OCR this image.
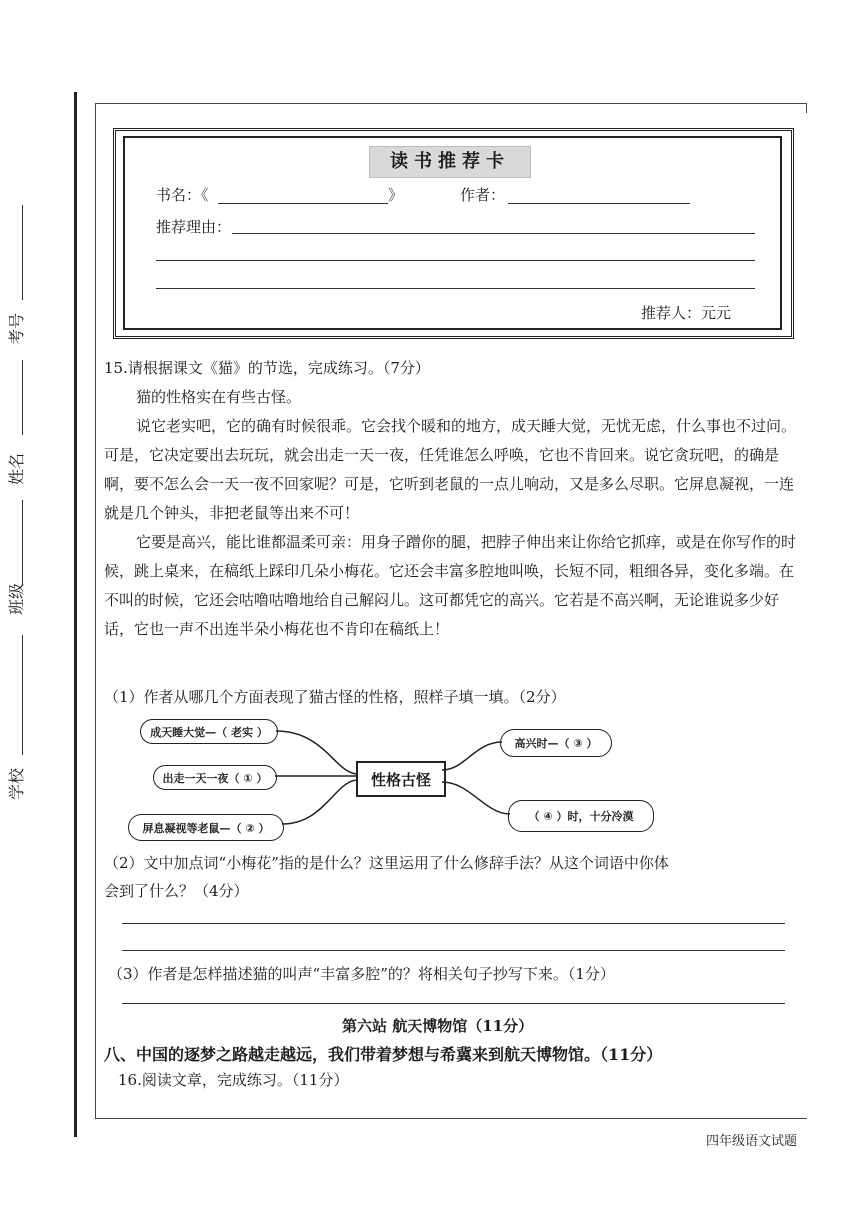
考号
姓名
班级
学校
读书推荐卡
书名：《	》	作者：
推荐理由：
推荐人：元元
15.请根据课文《猫》的节选，完成练习。（7分）

猫的性格实在有些古怪。

说它老实吧，它的确有时候很乖。它会找个暖和的地方，成天睡大觉，无忧无虑，什么事也不过问。可是，它决定要出去玩玩，就会出走一天一夜，任凭谁怎么呼唤，它也不肯回来。说它贪玩吧，的确是啊，要不怎么会一天一夜不回家呢？可是，它听到老鼠的一点儿响动，又是多么尽职。它屏息凝视，一连就是几个钟头，非把老鼠等出来不可！

它要是高兴，能比谁都温柔可亲：用身子蹭你的腿，把脖子伸出来让你给它抓痒，或是在你写作的时候，跳上桌来，在稿纸上踩印几朵小梅花。它还会丰富多腔地叫唤，长短不同，粗细各异，变化多端。在不叫的时候，它还会咕噜咕噜地给自己解闷儿。这可都凭它的高兴。它若是不高兴啊，无论谁说多少好话，它也一声不出连半朵小梅花也不肯印在稿纸上！

（1）作者从哪几个方面表现了猫古怪的性格，照样子填一填。（2分）
成天睡大觉—（ 老实 ）
出走一天一夜（ ① ）
屏息凝视等老鼠—（ ② ）
性格古怪
高兴时—（ ③ ）
（ ④ ）时，十分冷漠
（2）文中加点词“小梅花”指的是什么？这里运用了什么修辞手法？从这个词语中你体
会到了什么？（4分）
（3）作者是怎样描述猫的叫声“丰富多腔”的？将相关句子抄写下来。（1分）
第六站 航天博物馆（11分）
八、中国的逐梦之路越走越远，我们带着梦想与希冀来到航天博物馆。（11分）
16.阅读文章，完成练习。（11分）
四年级语文试题
